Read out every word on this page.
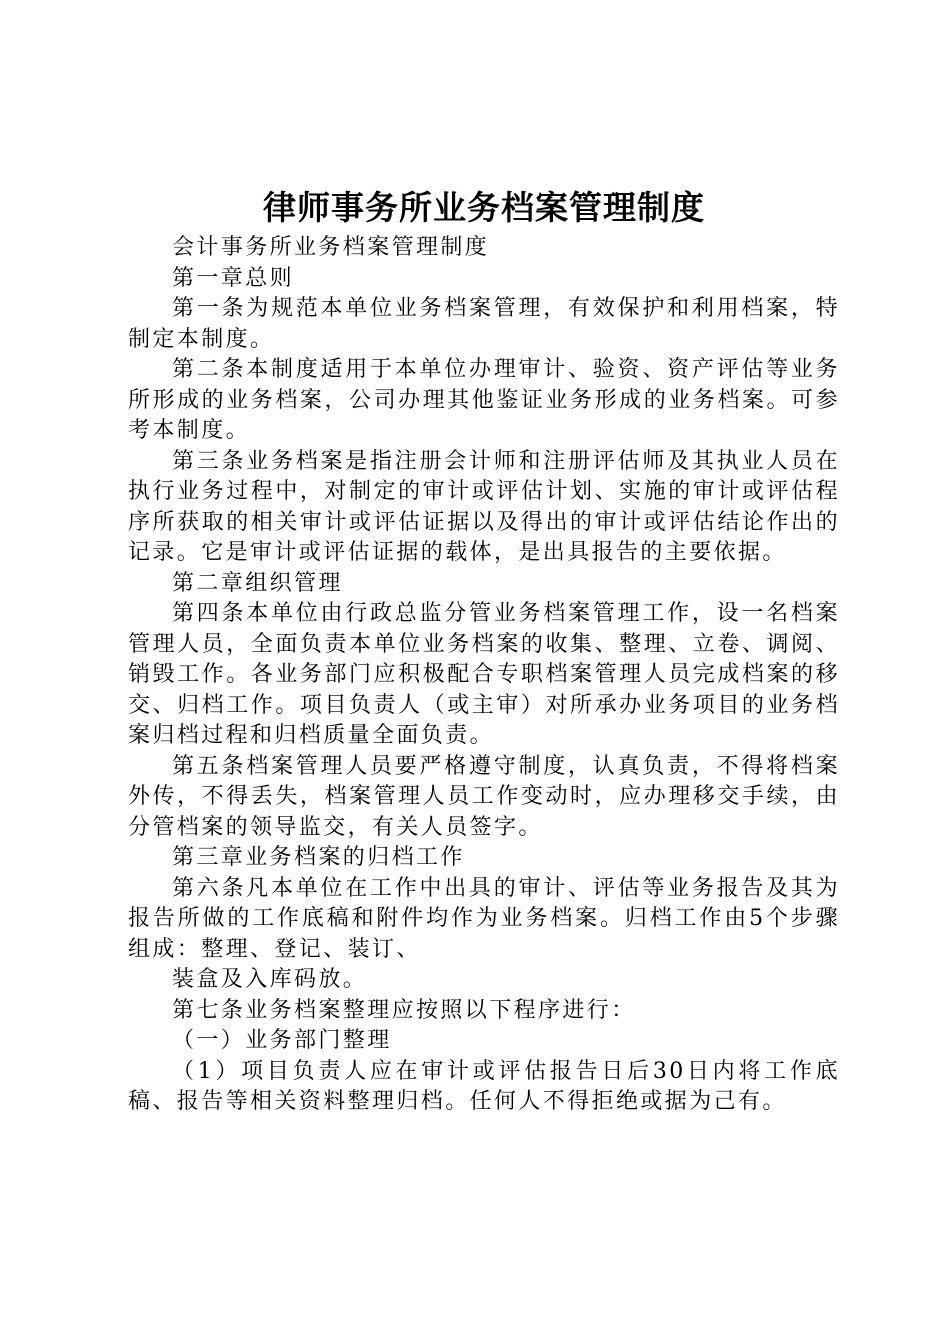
律师事务所业务档案管理制度

会计事务所业务档案管理制度

第一章总则

第一条为规范本单位业务档案管理，有效保护和利用档案，特制定本制度。

第二条本制度适用于本单位办理审计、验资、资产评估等业务所形成的业务档案，公司办理其他鉴证业务形成的业务档案。可参考本制度。

第三条业务档案是指注册会计师和注册评估师及其执业人员在执行业务过程中，对制定的审计或评估计划、实施的审计或评估程序所获取的相关审计或评估证据以及得出的审计或评估结论作出的记录。它是审计或评估证据的载体，是出具报告的主要依据。

第二章组织管理

第四条本单位由行政总监分管业务档案管理工作，设一名档案管理人员，全面负责本单位业务档案的收集、整理、立卷、调阅、销毁工作。各业务部门应积极配合专职档案管理人员完成档案的移交、归档工作。项目负责人（或主审）对所承办业务项目的业务档案归档过程和归档质量全面负责。

第五条档案管理人员要严格遵守制度，认真负责，不得将档案外传，不得丢失，档案管理人员工作变动时，应办理移交手续，由分管档案的领导监交，有关人员签字。

第三章业务档案的归档工作

第六条凡本单位在工作中出具的审计、评估等业务报告及其为报告所做的工作底稿和附件均作为业务档案。归档工作由5个步骤组成：整理、登记、装订、

装盒及入库码放。

第七条业务档案整理应按照以下程序进行：

（一）业务部门整理

（1）项目负责人应在审计或评估报告日后30日内将工作底稿、报告等相关资料整理归档。任何人不得拒绝或据为己有。
